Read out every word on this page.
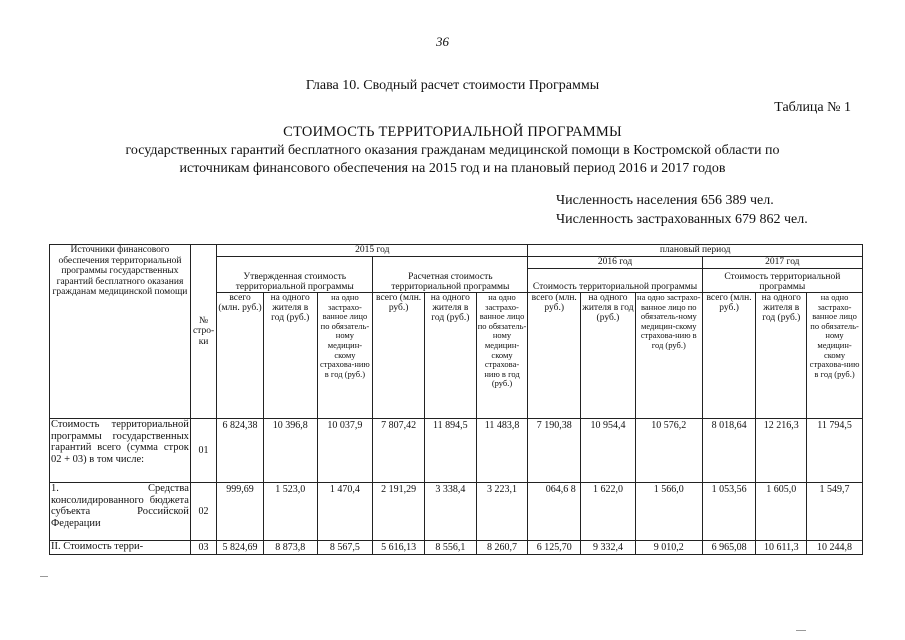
36
Глава 10. Сводный расчет стоимости Программы
Таблица № 1
СТОИМОСТЬ ТЕРРИТОРИАЛЬНОЙ ПРОГРАММЫ
государственных гарантий бесплатного оказания гражданам медицинской помощи в Костромской области по
источникам финансового обеспечения на 2015 год и на плановый период 2016 и 2017 годов
Численность населения 656 389 чел.
Численность застрахованных 679 862 чел.
Источники финансового обеспечения территориальной программы государственных гарантий бесплатного оказания гражданам медицинской помощи	№ стро-ки	2015 год						плановый период					
		Утвержденная стоимость территориальной программы			Расчетная стоимость территориальной программы			2016 год			2017 год		
								Стоимость территориальной программы			Стоимость территориальной программы		
		всего (млн. руб.)	на одного жителя в год (руб.)	на одно застрахо-ванное лицо по обязатель-ному медицин-скому страхова-нию в год (руб.)	всего (млн. руб.)	на одного жителя в год (руб.)	на одно застрахо-ванное лицо по обязатель-ному медицин-скому страхова-нию в год (руб.)	всего (млн. руб.)	на одного жителя в год (руб.)	на одно застрахо-ванное лицо по обязатель-ному медицин-скому страхова-нию в год (руб.)	всего (млн. руб.)	на одного жителя в год (руб.)	на одно застрахо-ванное лицо по обязатель-ному медицин-скому страхова-нию в год (руб.)
Стоимость территориальной программы государственных гарантий всего (сумма строк 02 + 03) в том числе:	01	6 824,38	10 396,8	10 037,9	7 807,42	11 894,5	11 483,8	7 190,38	10 954,4	10 576,2	8 018,64	12 216,3	11 794,5
1. Средства консолидированного бюджета субъекта Российской Федерации	02	999,69	1 523,0	1 470,4	2 191,29	3 338,4	3 223,1	064,6 8	1 622,0	1 566,0	1 053,56	1 605,0	1 549,7
II. Стоимость терри-	03	5 824,69	8 873,8	8 567,5	5 616,13	8 556,1	8 260,7	6 125,70	9 332,4	9 010,2	6 965,08	10 611,3	10 244,8
